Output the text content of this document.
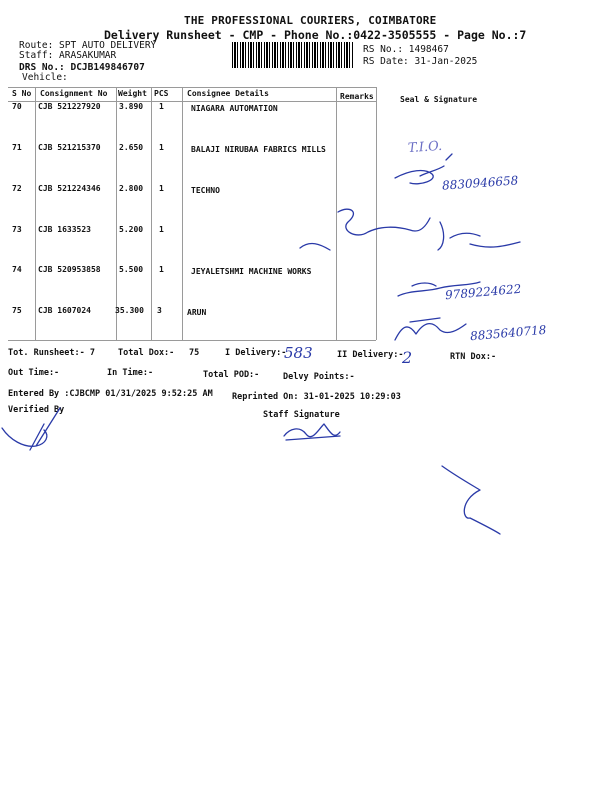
THE PROFESSIONAL COURIERS, COIMBATORE
Delivery Runsheet - CMP - Phone No.:0422-3505555 - Page No.:7
Route: SPT AUTO DELIVERY
Staff: ARASAKUMAR
DRS No.: DCJB149846707
Vehicle:
RS No.: 1498467
RS Date: 31-Jan-2025
S No Consignment No Weight PCS Consignee Details	Remarks	Seal & Signature
70 CJB 521227920 3.890 1	NIAGARA AUTOMATION
71 CJB 521215370 2.650 1	BALAJI NIRUBAA FABRICS MILLS
72 CJB 521224346 2.800 1	TECHNO
73 CJB 1633523	5.200 1
74 CJB 520953858 5.500 1	JEYALETSHMI MACHINE WORKS
75 CJB 1607024	35.300 3	ARUN
Tot. Runsheet:- 7	Total Dox:- 75	I Delivery:-	II Delivery:-	RTN Dox:-
Out Time:-	In Time:-	Total POD:-	Delvy Points:-
Entered By :CJBCMP 01/31/2025 9:52:25 AM Reprinted On: 31-01-2025 10:29:03
Verified By	Staff Signature
T.I.O.
8830946658
9789224622
8835640718
583	2
